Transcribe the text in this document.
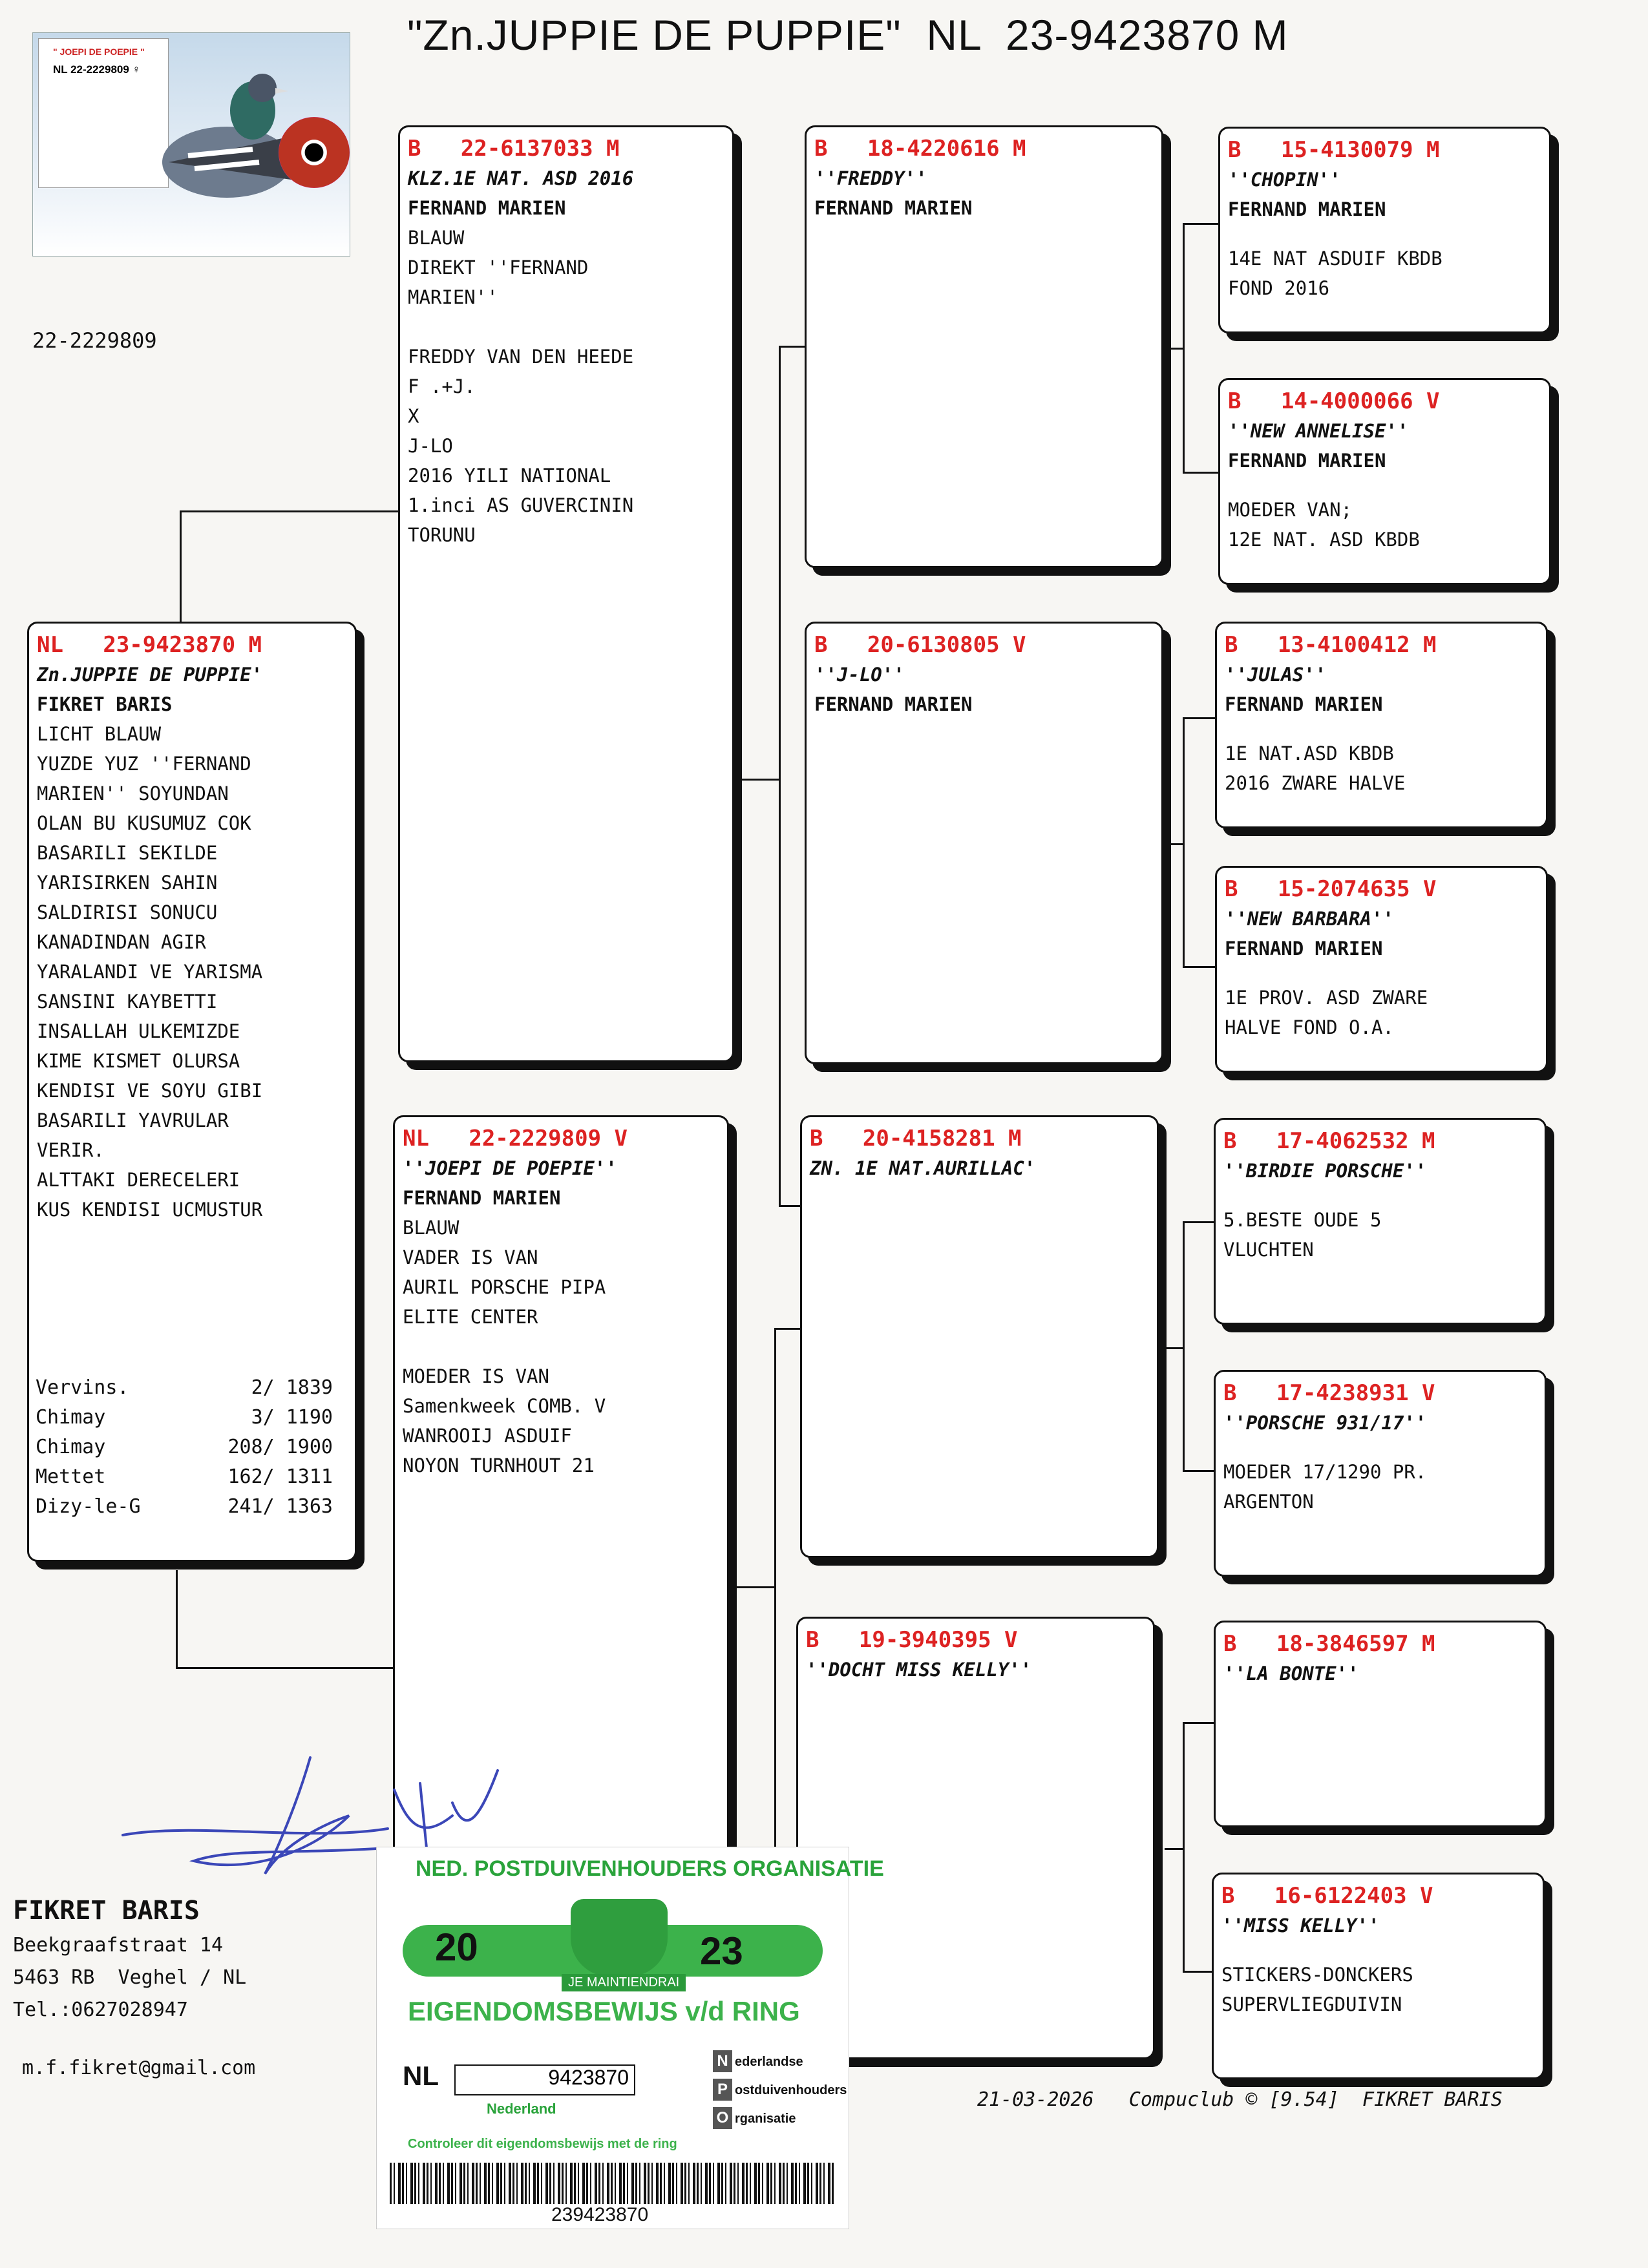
"Zn.JUPPIE DE PUPPIE"  NL  23-9423870 M
" JOEPI DE POEPIE "
NL 22-2229809 ♀
22-2229809
NL   23-9423870 M
Zn.JUPPIE DE PUPPIE'
FIKRET BARIS
LICHT BLAUW
YUZDE YUZ ''FERNAND
MARIEN'' SOYUNDAN
OLAN BU KUSUMUZ COK
BASARILI SEKILDE
YARISIRKEN SAHIN
SALDIRISI SONUCU
KANADINDAN AGIR
YARALANDI VE YARISMA
SANSINI KAYBETTI
INSALLAH ULKEMIZDE
KIME KISMET OLURSA
KENDISI VE SOYU GIBI
BASARILI YAVRULAR
VERIR.
ALTTAKI DERECELERI
KUS KENDISI UCMUSTUR
Vervins.	2/ 1839
Chimay	3/ 1190
Chimay	208/ 1900
Mettet	162/ 1311
Dizy-le-G	241/ 1363
B   22-6137033 M
KLZ.1E NAT. ASD 2016
FERNAND MARIEN
BLAUW
DIREKT ''FERNAND
MARIEN''
FREDDY VAN DEN HEEDE
F .+J.
X
J-LO
2016 YILI NATIONAL
1.inci AS GUVERCININ
TORUNU
NL   22-2229809 V
''JOEPI DE POEPIE''
FERNAND MARIEN
BLAUW
VADER IS VAN
AURIL PORSCHE PIPA
ELITE CENTER
MOEDER IS VAN
Samenkweek COMB. V
WANROOIJ ASDUIF
NOYON TURNHOUT 21
B   18-4220616 M
''FREDDY''
FERNAND MARIEN
B   20-6130805 V
''J-LO''
FERNAND MARIEN
B   20-4158281 M
ZN. 1E NAT.AURILLAC'
B   19-3940395 V
''DOCHT MISS KELLY''
B   15-4130079 M
''CHOPIN''
FERNAND MARIEN
14E NAT ASDUIF KBDB
FOND 2016
B   14-4000066 V
''NEW ANNELISE''
FERNAND MARIEN
MOEDER VAN;
12E NAT. ASD KBDB
B   13-4100412 M
''JULAS''
FERNAND MARIEN
1E NAT.ASD KBDB
2016 ZWARE HALVE
B   15-2074635 V
''NEW BARBARA''
FERNAND MARIEN
1E PROV. ASD ZWARE
HALVE FOND O.A.
B   17-4062532 M
''BIRDIE PORSCHE''
5.BESTE OUDE 5
VLUCHTEN
B   17-4238931 V
''PORSCHE 931/17''
MOEDER 17/1290 PR.
ARGENTON
B   18-3846597 M
''LA BONTE''
B   16-6122403 V
''MISS KELLY''
STICKERS-DONCKERS
SUPERVLIEGDUIVIN
FIKRET BARIS
Beekgraafstraat 14
5463 RB  Veghel / NL
Tel.:0627028947
m.f.fikret@gmail.com
21-03-2026   Compuclub © [9.54]  FIKRET BARIS
NED. POSTDUIVENHOUDERS ORGANISATIE
20	23
JE MAINTIENDRAI
EIGENDOMSBEWIJS v/d RING
NL	9423870
Nederland
N ederlandse
P ostduivenhouders
O rganisatie
Controleer dit eigendomsbewijs met de ring
239423870
